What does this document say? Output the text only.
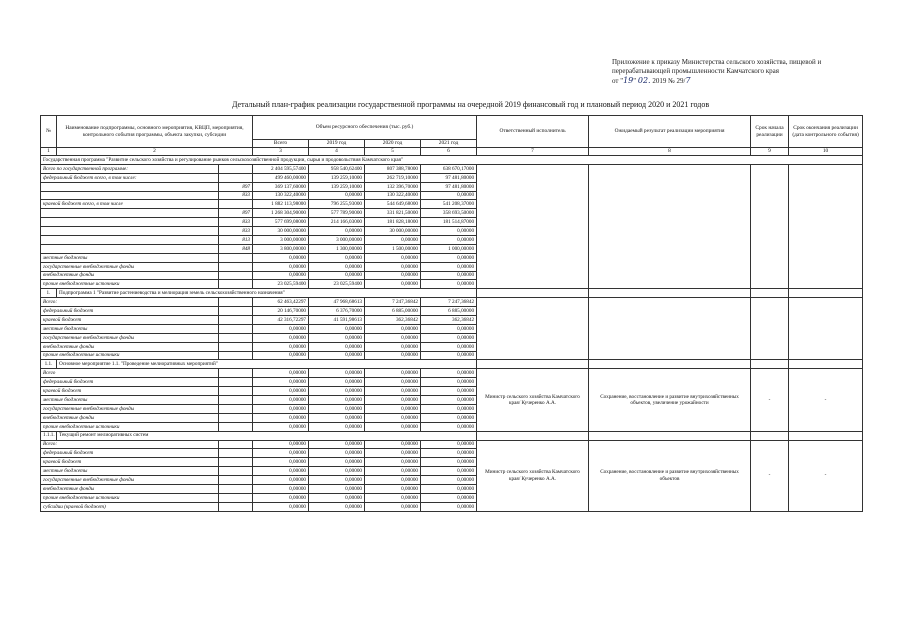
Приложение к приказу Министерства сельского хозяйства, пищевой и
перерабатывающей промышленности Камчатского края
от "19" 02. 2019 № 29/7
Детальный план-график реализации государственной программы на очередной 2019 финансовый год и плановый период 2020 и 2021 годов
№	Наименование подпрограммы, основного мероприятия, КВЦП, мероприятия, контрольного события программы, объекта закупки, субсидии		Объем ресурсного обеспечения (тыс. руб.)				Ответственный исполнитель	Ожидаемый результат реализации мероприятия	Срок начала реализации	Срок окончания реализации (дата контрольного события)
			Всего	2019 год	2020 год	2021 год				
1	2		3	4	5	6	7	8	9	10
Государственная программа "Развитие сельского хозяйства и регулирование рынков сельскохозяйственной продукции, сырья и продовольствия Камчатского края"										
Всего по государственной программе:			2 404 595,57400	958 540,62400	807 388,78000	638 670,17000				
федеральный бюджет всего, в том числе:			499 460,00000	139 259,10000	262 719,10000	97 481,80000				
		897	369 137,60000	139 259,10000	132 396,70000	97 481,80000				
		833	130 322,40000	0,00000	130 322,40000	0,00000				
краевой бюджет всего, в том числе			1 882 113,98000	796 255,93000	544 649,68000	541 208,37000				
		897	1 268 304,90000	577 789,90000	331 821,50000	358 693,50000				
		833	577 699,08000	214 166,03000	181 828,18000	181 514,87000				
		833	30 000,00000	0,00000	30 000,00000	0,00000				
		813	3 000,00000	3 000,00000	0,00000	0,00000				
		848	3 800,00000	1 300,00000	1 500,00000	1 000,00000				
местные бюджеты			0,00000	0,00000	0,00000	0,00000				
государственные внебюджетные фонды			0,00000	0,00000	0,00000	0,00000				
внебюджетные фонды			0,00000	0,00000	0,00000	0,00000				
прочие внебюджетные источники			23 025,59400	23 025,59400	0,00000	0,00000				
1.	Подпрограмма 1 "Развитие растениеводства и мелиорация земель сельскохозяйственного назначения"									
Всего:			62 463,42297	47 968,68613	7 247,36842	7 247,36842				
федеральный бюджет			20 146,70000	6 376,70000	6 885,00000	6 885,00000				
краевой бюджет			42 316,72297	41 591,98613	362,36842	362,36842				
местные бюджеты			0,00000	0,00000	0,00000	0,00000				
государственные внебюджетные фонды			0,00000	0,00000	0,00000	0,00000				
внебюджетные фонды			0,00000	0,00000	0,00000	0,00000				
прочие внебюджетные источники			0,00000	0,00000	0,00000	0,00000				
1.1.	Основное мероприятие 1.1. "Проведение мелиоративных мероприятий"									
Всего			0,00000	0,00000	0,00000	0,00000	Министр сельского хозяйства Камчатского края/ Кучеренко А.А.	Сохранение, восстановление и развитие внутрихозяйственных объектов, увеличение урожайности	-	-
федеральный бюджет			0,00000	0,00000	0,00000	0,00000				
краевой бюджет			0,00000	0,00000	0,00000	0,00000				
местные бюджеты			0,00000	0,00000	0,00000	0,00000				
государственные внебюджетные фонды			0,00000	0,00000	0,00000	0,00000				
внебюджетные фонды			0,00000	0,00000	0,00000	0,00000				
прочие внебюджетные источники			0,00000	0,00000	0,00000	0,00000				
1.1.1.	Текущий ремонт мелиоративных систем									
Всего:			0,00000	0,00000	0,00000	0,00000	Министр сельского хозяйства Камчатского края/ Кучеренко А.А.	Сохранение, восстановление и развитие внутрихозяйственных объектов	-	-
федеральный бюджет			0,00000	0,00000	0,00000	0,00000				
краевой бюджет			0,00000	0,00000	0,00000	0,00000				
местные бюджеты			0,00000	0,00000	0,00000	0,00000				
государственные внебюджетные фонды			0,00000	0,00000	0,00000	0,00000				
внебюджетные фонды			0,00000	0,00000	0,00000	0,00000				
прочие внебюджетные источники			0,00000	0,00000	0,00000	0,00000				
субсидии (краевой бюджет)			0,00000	0,00000	0,00000	0,00000				
